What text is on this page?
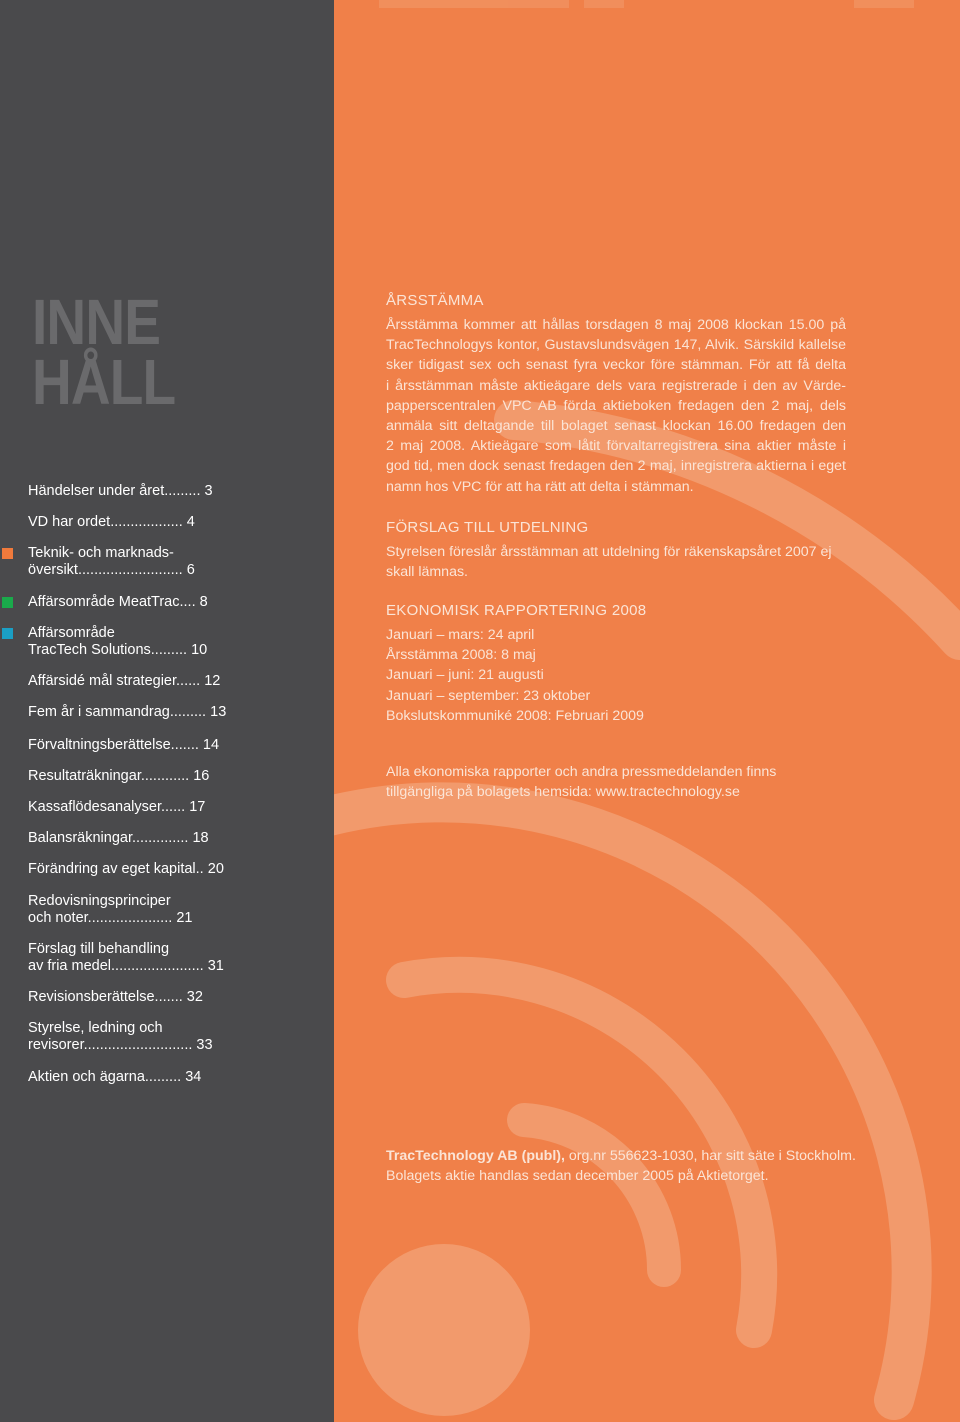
INNE
HÅLL
Händelser under året......... 3
VD har ordet.................. 4
Teknik- och marknads-
översikt.......................... 6
Affärsområde MeatTrac.... 8
Affärsområde
TracTech Solutions......... 10
Affärsidé mål strategier...... 12
Fem år i sammandrag......... 13
Förvaltningsberättelse....... 14
Resultaträkningar............ 16
Kassaflödesanalyser...... 17
Balansräkningar.............. 18
Förändring av eget kapital.. 20
Redovisningsprinciper
och noter..................... 21
Förslag till behandling
av fria medel....................... 31
Revisionsberättelse....... 32
Styrelse, ledning och
revisorer........................... 33
Aktien och ägarna......... 34
ÅRSSTÄMMA
Årsstämma kommer att hållas torsdagen 8 maj 2008 klockan 15.00 på
TracTechnologys kontor, Gustavslundsvägen 147, Alvik. Särskild kallelse
sker tidigast sex och senast fyra veckor före stämman. För att få delta
i årsstämman måste aktieägare dels vara registrerade i den av Värde-
papperscentralen VPC AB förda aktieboken fredagen den 2 maj, dels
anmäla sitt deltagande till bolaget senast klockan 16.00 fredagen den
2 maj 2008. Aktieägare som låtit förvaltarregistrera sina aktier måste i
god tid, men dock senast fredagen den 2 maj, inregistrera aktierna i eget
namn hos VPC för att ha rätt att delta i stämman.
FÖRSLAG TILL UTDELNING
Styrelsen föreslår årsstämman att utdelning för räkenskapsåret 2007 ej
skall lämnas.
EKONOMISK RAPPORTERING 2008
Januari – mars: 24 april
Årsstämma 2008: 8 maj
Januari – juni: 21 augusti
Januari – september: 23 oktober
Bokslutskommuniké 2008: Februari 2009
Alla ekonomiska rapporter och andra pressmeddelanden finns
tillgängliga på bolagets hemsida: www.tractechnology.se
TracTechnology AB (publ), org.nr 556623-1030, har sitt säte i Stockholm.
Bolagets aktie handlas sedan december 2005 på Aktietorget.
